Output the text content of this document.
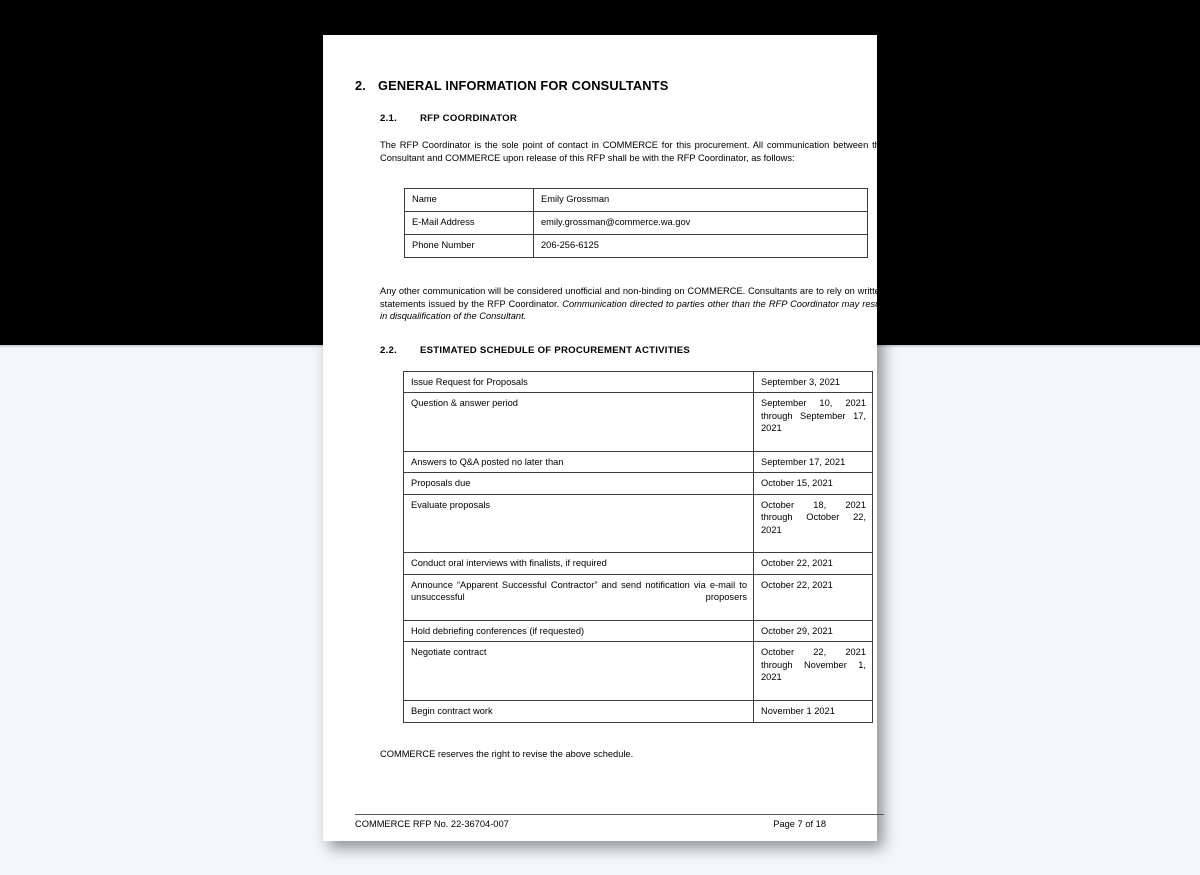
2. GENERAL INFORMATION FOR CONSULTANTS
2.1.	RFP COORDINATOR

The RFP Coordinator is the sole point of contact in COMMERCE for this procurement. All communication between the Consultant and COMMERCE upon release of this RFP shall be with the RFP Coordinator, as follows:

Name	Emily Grossman
E-Mail Address	emily.grossman@commerce.wa.gov
Phone Number	206-256-6125

Any other communication will be considered unofficial and non-binding on COMMERCE. Consultants are to rely on written statements issued by the RFP Coordinator. Communication directed to parties other than the RFP Coordinator may result in disqualification of the Consultant.

2.2.	ESTIMATED SCHEDULE OF PROCUREMENT ACTIVITIES
Issue Request for Proposals	September 3, 2021
Question & answer period	September 10, 2021 through September 17, 2021

Answers to Q&A posted no later than	September 17, 2021
Proposals due	October 15, 2021
Evaluate proposals	October 18, 2021 through October 22, 2021

Conduct oral interviews with finalists, if required	October 22, 2021
Announce “Apparent Successful Contractor” and send notification via e-mail to unsuccessful proposers	October 22, 2021
Hold debriefing conferences (if requested)	October 29, 2021
Negotiate contract	October 22, 2021 through November 1, 2021

Begin contract work	November 1 2021

COMMERCE reserves the right to revise the above schedule.

COMMERCE RFP No. 22-36704-007	Page 7 of 18
